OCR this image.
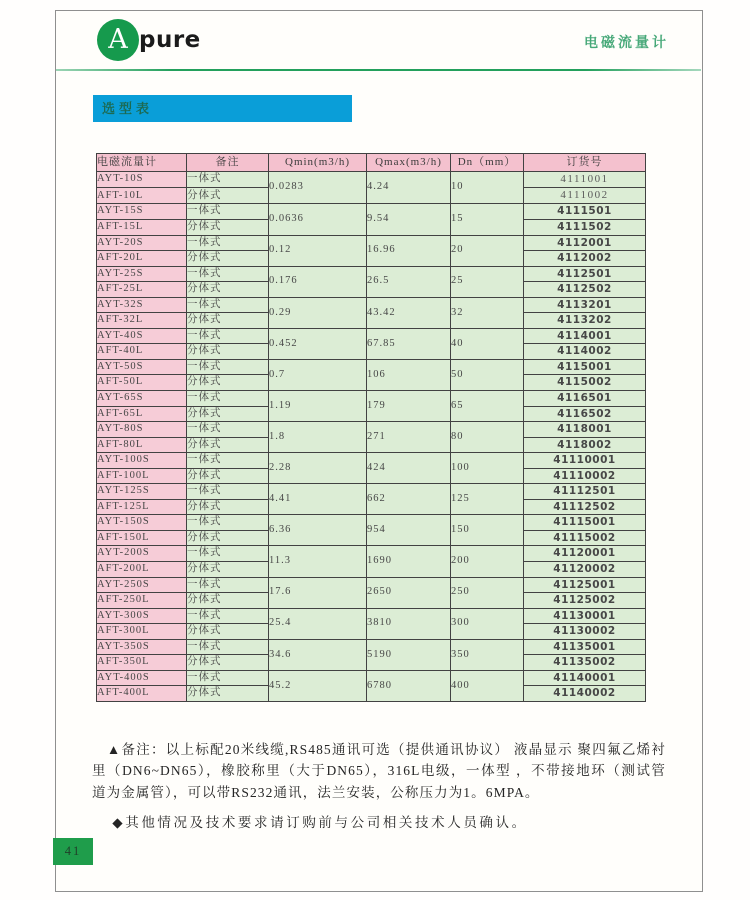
A pure	电磁流量计
选型表
电磁流量计	备注	Qmin(m3/h)	Qmax(m3/h)	Dn（mm）	订货号
AYT-10S	一体式	0.0283	4.24	10	4111001
AFT-10L	分体式				4111002
AYT-15S	一体式	0.0636	9.54	15	4111501
AFT-15L	分体式				4111502
AYT-20S	一体式	0.12	16.96	20	4112001
AFT-20L	分体式				4112002
AYT-25S	一体式	0.176	26.5	25	4112501
AFT-25L	分体式				4112502
AYT-32S	一体式	0.29	43.42	32	4113201
AFT-32L	分体式				4113202
AYT-40S	一体式	0.452	67.85	40	4114001
AFT-40L	分体式				4114002
AYT-50S	一体式	0.7	106	50	4115001
AFT-50L	分体式				4115002
AYT-65S	一体式	1.19	179	65	4116501
AFT-65L	分体式				4116502
AYT-80S	一体式	1.8	271	80	4118001
AFT-80L	分体式				4118002
AYT-100S	一体式	2.28	424	100	41110001
AFT-100L	分体式				41110002
AYT-125S	一体式	4.41	662	125	41112501
AFT-125L	分体式				41112502
AYT-150S	一体式	6.36	954	150	41115001
AFT-150L	分体式				41115002
AYT-200S	一体式	11.3	1690	200	41120001
AFT-200L	分体式				41120002
AYT-250S	一体式	17.6	2650	250	41125001
AFT-250L	分体式				41125002
AYT-300S	一体式	25.4	3810	300	41130001
AFT-300L	分体式				41130002
AYT-350S	一体式	34.6	5190	350	41135001
AFT-350L	分体式				41135002
AYT-400S	一体式	45.2	6780	400	41140001
AFT-400L	分体式				41140002

▲备注：以上标配20米线缆,RS485通讯可选（提供通讯协议） 液晶显示 聚四氟乙烯衬里（DN6~DN65），橡胶称里（大于DN65），316L电级，一体型 ，不带接地环（测试管道为金属管），可以带RS232通讯，法兰安装，公称压力为1。6MPA。

◆其他情况及技术要求请订购前与公司相关技术人员确认。

41
